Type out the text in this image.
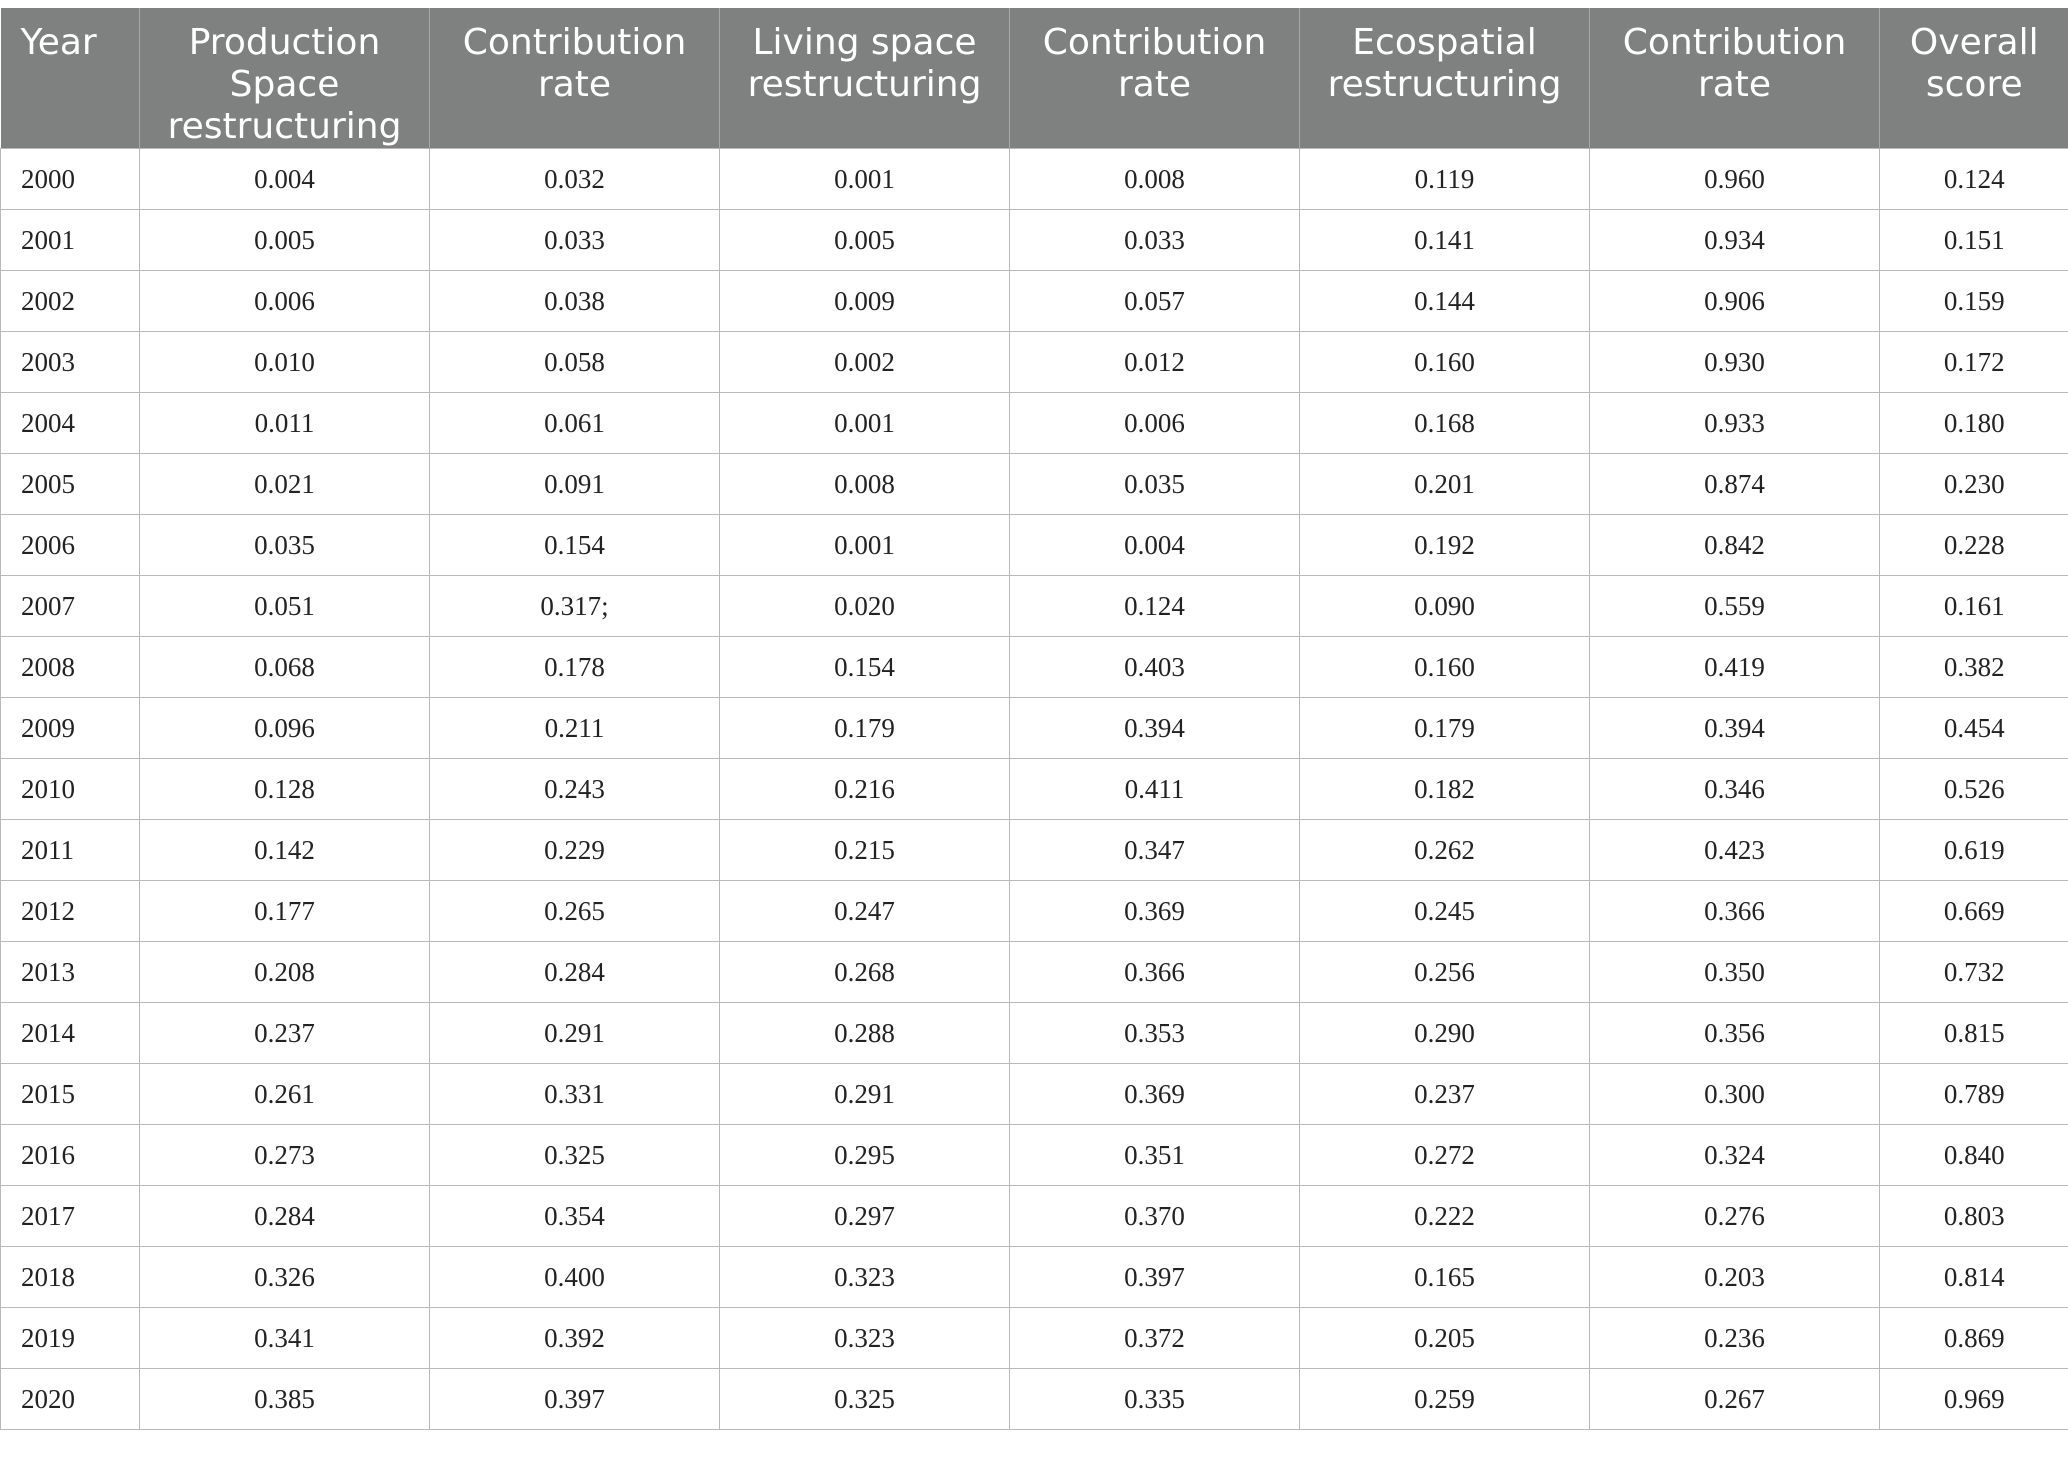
Year	Production Space restructuring	Contribution rate	Living space restructuring	Contribution rate	Ecospatial restructuring	Contribution rate	Overall score
2000	0.004	0.032	0.001	0.008	0.119	0.960	0.124
2001	0.005	0.033	0.005	0.033	0.141	0.934	0.151
2002	0.006	0.038	0.009	0.057	0.144	0.906	0.159
2003	0.010	0.058	0.002	0.012	0.160	0.930	0.172
2004	0.011	0.061	0.001	0.006	0.168	0.933	0.180
2005	0.021	0.091	0.008	0.035	0.201	0.874	0.230
2006	0.035	0.154	0.001	0.004	0.192	0.842	0.228
2007	0.051	0.317;	0.020	0.124	0.090	0.559	0.161
2008	0.068	0.178	0.154	0.403	0.160	0.419	0.382
2009	0.096	0.211	0.179	0.394	0.179	0.394	0.454
2010	0.128	0.243	0.216	0.411	0.182	0.346	0.526
2011	0.142	0.229	0.215	0.347	0.262	0.423	0.619
2012	0.177	0.265	0.247	0.369	0.245	0.366	0.669
2013	0.208	0.284	0.268	0.366	0.256	0.350	0.732
2014	0.237	0.291	0.288	0.353	0.290	0.356	0.815
2015	0.261	0.331	0.291	0.369	0.237	0.300	0.789
2016	0.273	0.325	0.295	0.351	0.272	0.324	0.840
2017	0.284	0.354	0.297	0.370	0.222	0.276	0.803
2018	0.326	0.400	0.323	0.397	0.165	0.203	0.814
2019	0.341	0.392	0.323	0.372	0.205	0.236	0.869
2020	0.385	0.397	0.325	0.335	0.259	0.267	0.969
